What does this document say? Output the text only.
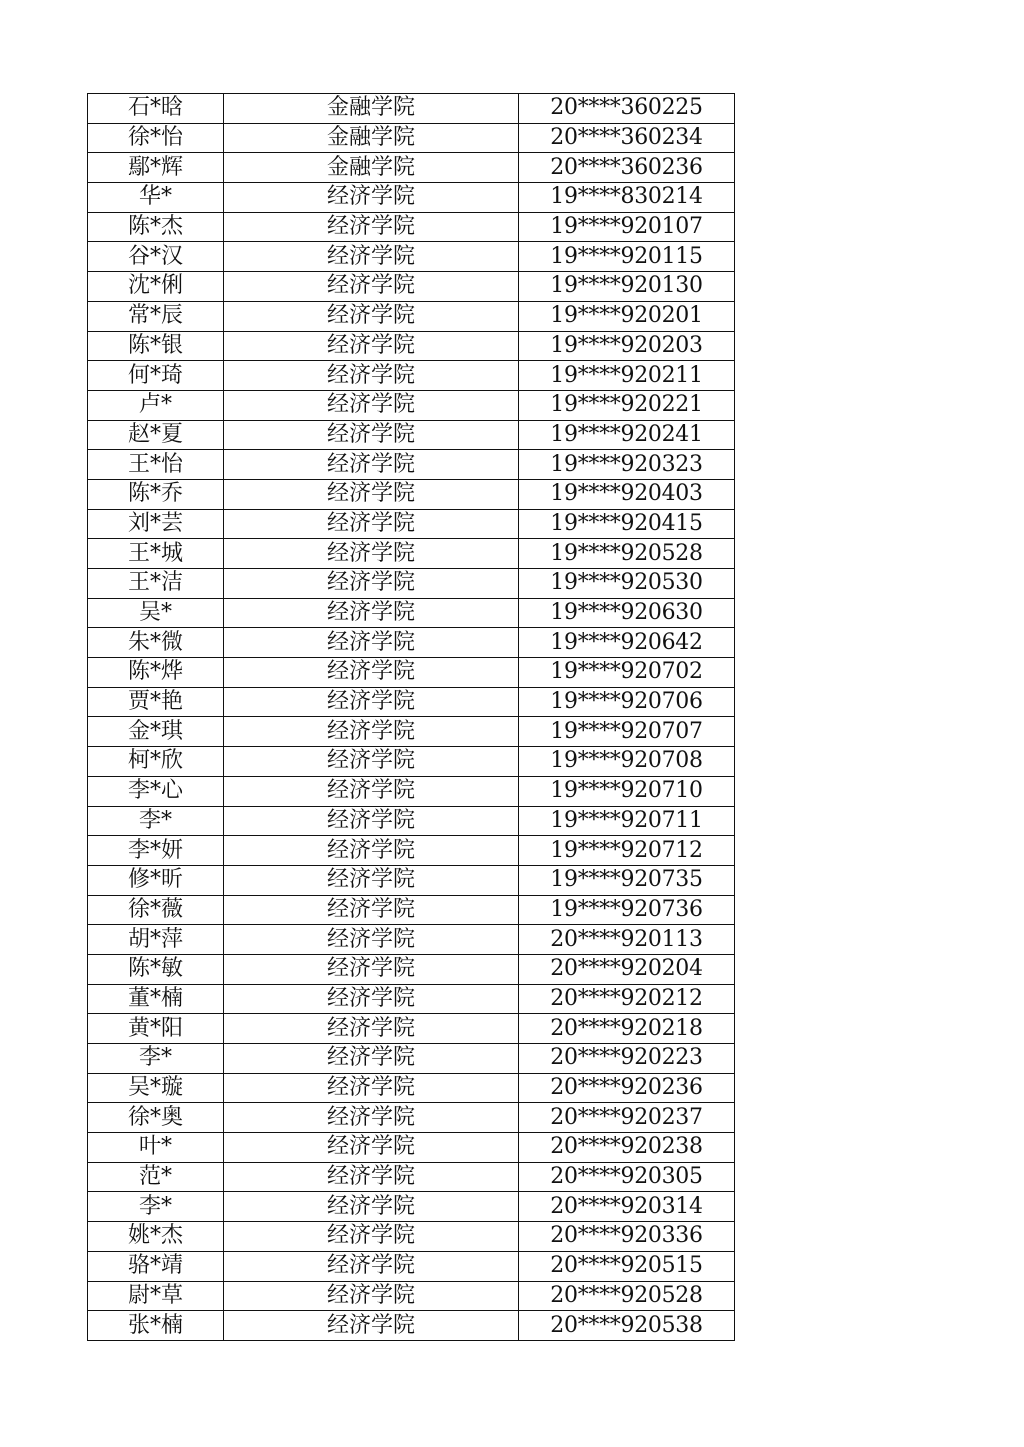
石*晗	金融学院	20****360225
徐*怡	金融学院	20****360234
鄢*辉	金融学院	20****360236
华*	经济学院	19****830214
陈*杰	经济学院	19****920107
谷*汉	经济学院	19****920115
沈*俐	经济学院	19****920130
常*辰	经济学院	19****920201
陈*银	经济学院	19****920203
何*琦	经济学院	19****920211
卢*	经济学院	19****920221
赵*夏	经济学院	19****920241
王*怡	经济学院	19****920323
陈*乔	经济学院	19****920403
刘*芸	经济学院	19****920415
王*城	经济学院	19****920528
王*洁	经济学院	19****920530
吴*	经济学院	19****920630
朱*微	经济学院	19****920642
陈*烨	经济学院	19****920702
贾*艳	经济学院	19****920706
金*琪	经济学院	19****920707
柯*欣	经济学院	19****920708
李*心	经济学院	19****920710
李*	经济学院	19****920711
李*妍	经济学院	19****920712
修*昕	经济学院	19****920735
徐*薇	经济学院	19****920736
胡*萍	经济学院	20****920113
陈*敏	经济学院	20****920204
董*楠	经济学院	20****920212
黄*阳	经济学院	20****920218
李*	经济学院	20****920223
吴*璇	经济学院	20****920236
徐*奥	经济学院	20****920237
叶*	经济学院	20****920238
范*	经济学院	20****920305
李*	经济学院	20****920314
姚*杰	经济学院	20****920336
骆*靖	经济学院	20****920515
尉*草	经济学院	20****920528
张*楠	经济学院	20****920538
